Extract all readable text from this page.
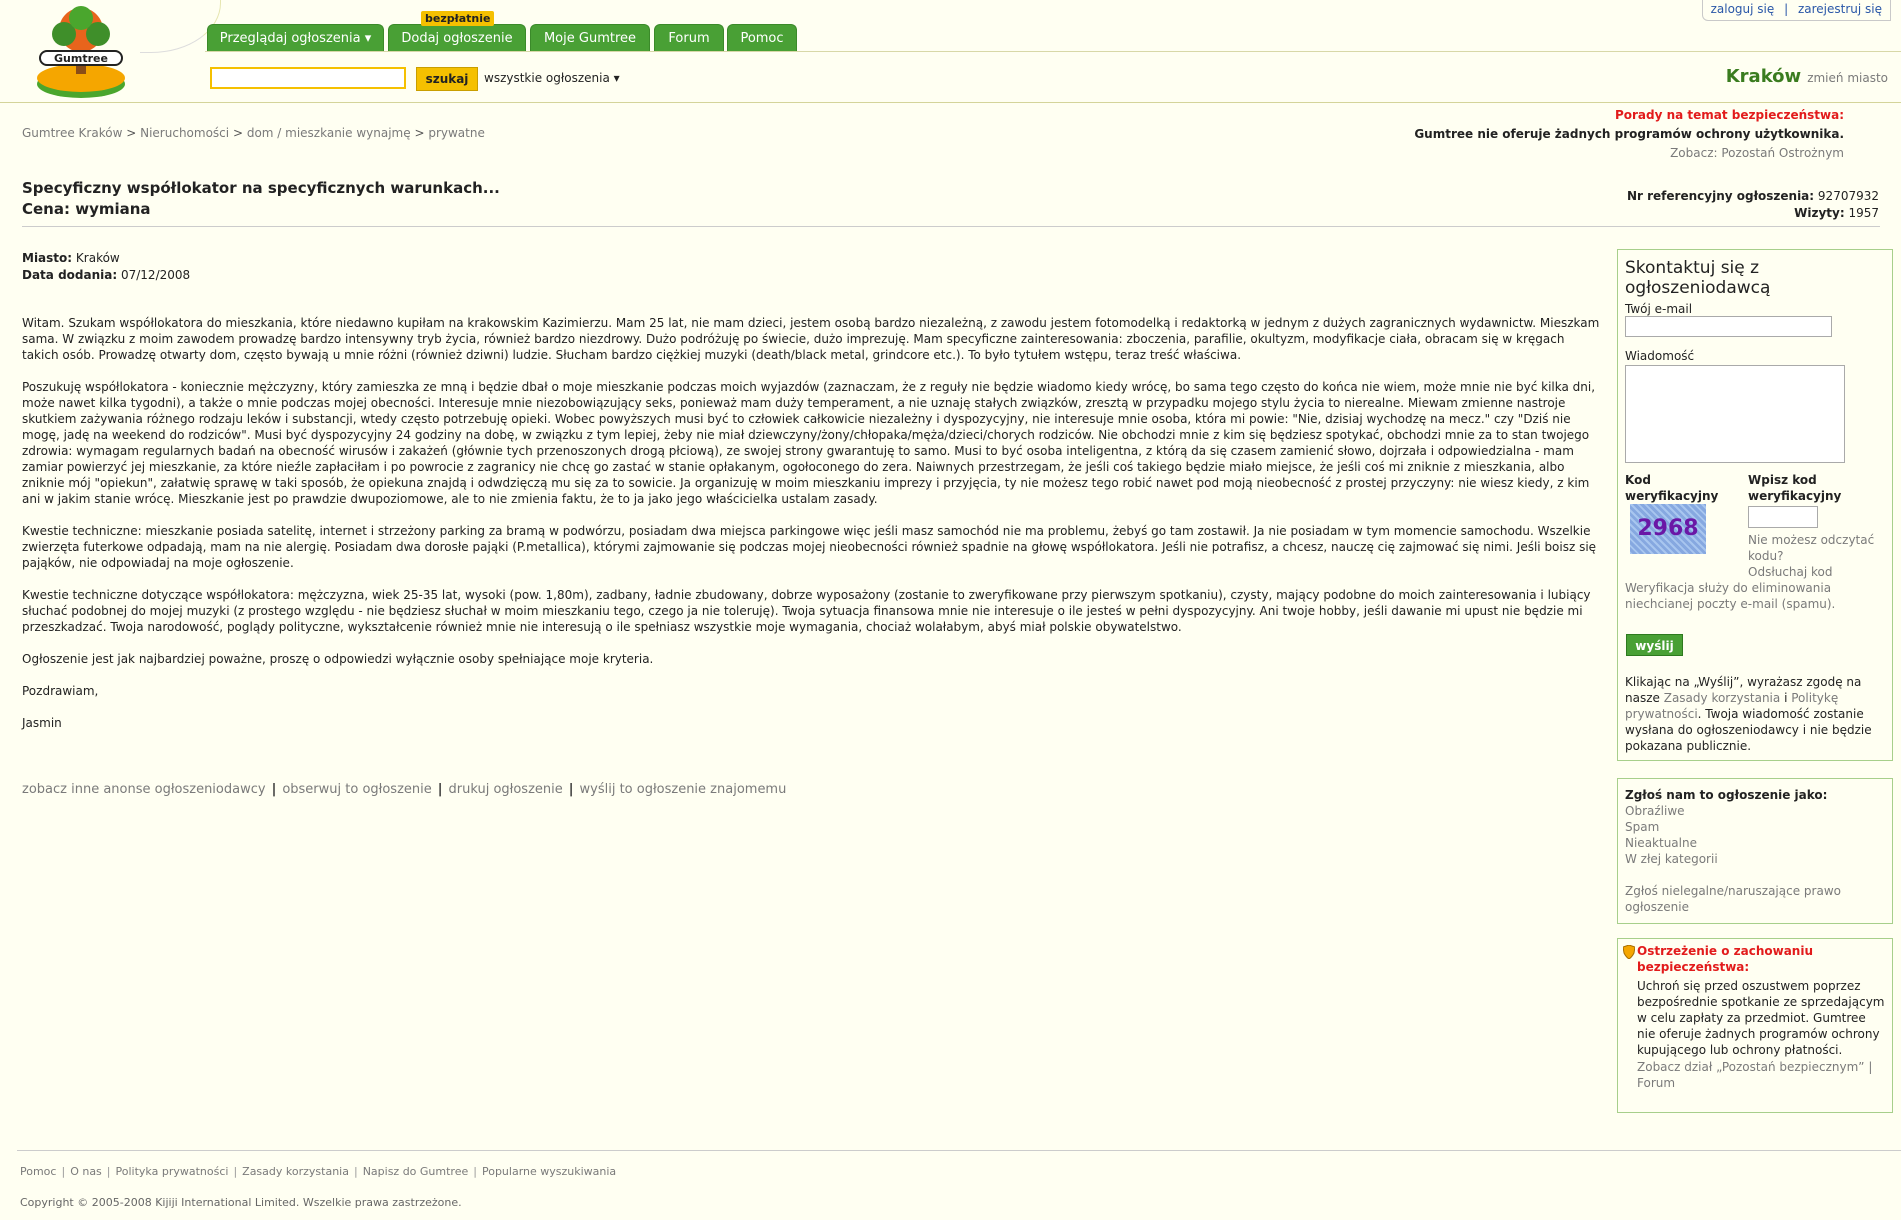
Gumtree
Przeglądaj ogłoszenia ▾	Dodaj ogłoszenie
bezpłatnie
Moje Gumtree	Forum	Pomoc
zaloguj się | zarejestruj się
szukaj	wszystkie ogłoszenia ▾	Kraków zmień miasto
Gumtree Kraków > Nieruchomości > dom / mieszkanie wynajmę > prywatne
Porady na temat bezpieczeństwa:
Gumtree nie oferuje żadnych programów ochrony użytkownika.
Zobacz: Pozostań Ostrożnym
Specyficzny współlokator na specyficznych warunkach...
Cena: wymiana
Nr referencyjny ogłoszenia: 92707932
Wizyty: 1957
Miasto: Kraków
Data dodania: 07/12/2008

Witam. Szukam współlokatora do mieszkania, które niedawno kupiłam na krakowskim Kazimierzu. Mam 25 lat, nie mam dzieci, jestem osobą bardzo niezależną, z zawodu jestem fotomodelką i redaktorką w jednym z dużych zagranicznych wydawnictw. Mieszkam sama. W związku z moim zawodem prowadzę bardzo intensywny tryb życia, również bardzo niezdrowy. Dużo podróżuję po świecie, dużo imprezuję. Mam specyficzne zainteresowania: zboczenia, parafilie, okultyzm, modyfikacje ciała, obracam się w kręgach takich osób. Prowadzę otwarty dom, często bywają u mnie różni (również dziwni) ludzie. Słucham bardzo ciężkiej muzyki (death/black metal, grindcore etc.). To było tytułem wstępu, teraz treść właściwa.

Poszukuję współlokatora - koniecznie mężczyzny, który zamieszka ze mną i będzie dbał o moje mieszkanie podczas moich wyjazdów (zaznaczam, że z reguły nie będzie wiadomo kiedy wrócę, bo sama tego często do końca nie wiem, może mnie nie być kilka dni, może nawet kilka tygodni), a także o mnie podczas mojej obecności. Interesuje mnie niezobowiązujący seks, ponieważ mam duży temperament, a nie uznaję stałych związków, zresztą w przypadku mojego stylu życia to nierealne. Miewam zmienne nastroje skutkiem zażywania różnego rodzaju leków i substancji, wtedy często potrzebuję opieki. Wobec powyższych musi być to człowiek całkowicie niezależny i dyspozycyjny, nie interesuje mnie osoba, która mi powie: "Nie, dzisiaj wychodzę na mecz." czy "Dziś nie mogę, jadę na weekend do rodziców". Musi być dyspozycyjny 24 godziny na dobę, w związku z tym lepiej, żeby nie miał dziewczyny/żony/chłopaka/męża/dzieci/chorych rodziców. Nie obchodzi mnie z kim się będziesz spotykać, obchodzi mnie za to stan twojego zdrowia: wymagam regularnych badań na obecność wirusów i zakażeń (głównie tych przenoszonych drogą płciową), ze swojej strony gwarantuję to samo. Musi to być osoba inteligentna, z którą da się czasem zamienić słowo, dojrzała i odpowiedzialna - mam zamiar powierzyć jej mieszkanie, za które nieźle zapłaciłam i po powrocie z zagranicy nie chcę go zastać w stanie opłakanym, ogołoconego do zera. Naiwnych przestrzegam, że jeśli coś takiego będzie miało miejsce, że jeśli coś mi zniknie z mieszkania, albo zniknie mój "opiekun", załatwię sprawę w taki sposób, że opiekuna znajdą i odwdzięczą mu się za to sowicie. Ja organizuję w moim mieszkaniu imprezy i przyjęcia, ty nie możesz tego robić nawet pod moją nieobecność z prostej przyczyny: nie wiesz kiedy, z kim ani w jakim stanie wrócę. Mieszkanie jest po prawdzie dwupoziomowe, ale to nie zmienia faktu, że to ja jako jego właścicielka ustalam zasady.

Kwestie techniczne: mieszkanie posiada satelitę, internet i strzeżony parking za bramą w podwórzu, posiadam dwa miejsca parkingowe więc jeśli masz samochód nie ma problemu, żebyś go tam zostawił. Ja nie posiadam w tym momencie samochodu. Wszelkie zwierzęta futerkowe odpadają, mam na nie alergię. Posiadam dwa dorosłe pająki (P.metallica), którymi zajmowanie się podczas mojej nieobecności również spadnie na głowę współlokatora. Jeśli nie potrafisz, a chcesz, nauczę cię zajmować się nimi. Jeśli boisz się pająków, nie odpowiadaj na moje ogłoszenie.

Kwestie techniczne dotyczące współlokatora: mężczyzna, wiek 25-35 lat, wysoki (pow. 1,80m), zadbany, ładnie zbudowany, dobrze wyposażony (zostanie to zweryfikowane przy pierwszym spotkaniu), czysty, mający podobne do moich zainteresowania i lubiący słuchać podobnej do mojej muzyki (z prostego względu - nie będziesz słuchał w moim mieszkaniu tego, czego ja nie toleruję). Twoja sytuacja finansowa mnie nie interesuje o ile jesteś w pełni dyspozycyjny. Ani twoje hobby, jeśli dawanie mi upust nie będzie mi przeszkadzać. Twoja narodowość, poglądy polityczne, wykształcenie również mnie nie interesują o ile spełniasz wszystkie moje wymagania, chociaż wolałabym, abyś miał polskie obywatelstwo.

Ogłoszenie jest jak najbardziej poważne, proszę o odpowiedzi wyłącznie osoby spełniające moje kryteria.

Pozdrawiam,

Jasmin

zobacz inne anonse ogłoszeniodawcy | obserwuj to ogłoszenie | drukuj ogłoszenie | wyślij to ogłoszenie znajomemu
Skontaktuj się z ogłoszeniodawcą
Twój e-mail
Wiadomość
Kod weryfikacyjny
2968
Wpisz kod weryfikacyjny
Nie możesz odczytać kodu?
Odsłuchaj kod
Weryfikacja służy do eliminowania niechcianej poczty e-mail (spamu).
wyślij
Klikając na „Wyślij”, wyrażasz zgodę na nasze Zasady korzystania i Politykę prywatności. Twoja wiadomość zostanie wysłana do ogłoszeniodawcy i nie będzie pokazana publicznie.
Zgłoś nam to ogłoszenie jako:
Obraźliwe
Spam
Nieaktualne
W złej kategorii
Zgłoś nielegalne/naruszające prawo ogłoszenie
Ostrzeżenie o zachowaniu bezpieczeństwa:
Uchroń się przed oszustwem poprzez bezpośrednie spotkanie ze sprzedającym w celu zapłaty za przedmiot. Gumtree nie oferuje żadnych programów ochrony kupującego lub ochrony płatności.
Zobacz dział „Pozostań bezpiecznym” | Forum
Pomoc | O nas | Polityka prywatności | Zasady korzystania | Napisz do Gumtree | Popularne wyszukiwania
Copyright © 2005-2008 Kijiji International Limited. Wszelkie prawa zastrzeżone.
